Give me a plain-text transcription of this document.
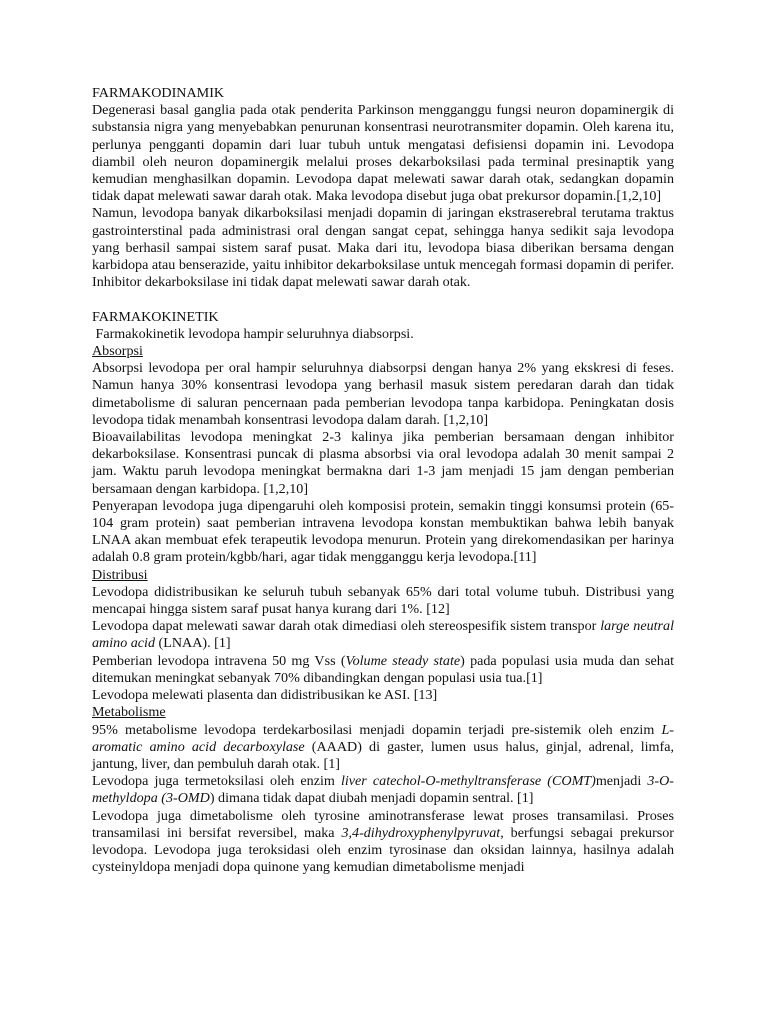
FARMAKODINAMIK

Degenerasi basal ganglia pada otak penderita Parkinson mengganggu fungsi neuron dopaminergik di substansia nigra yang menyebabkan penurunan konsentrasi neurotransmiter dopamin. Oleh karena itu, perlunya pengganti dopamin dari luar tubuh untuk mengatasi defisiensi dopamin ini. Levodopa diambil oleh neuron dopaminergik melalui proses dekarboksilasi pada terminal presinaptik yang kemudian menghasilkan dopamin. Levodopa dapat melewati sawar darah otak, sedangkan dopamin tidak dapat melewati sawar darah otak. Maka levodopa disebut juga obat prekursor dopamin.[1,2,10]

Namun, levodopa banyak dikarboksilasi menjadi dopamin di jaringan ekstraserebral terutama traktus gastrointerstinal pada administrasi oral dengan sangat cepat, sehingga hanya sedikit saja levodopa yang berhasil sampai sistem saraf pusat. Maka dari itu, levodopa biasa diberikan bersama dengan karbidopa atau benserazide, yaitu inhibitor dekarboksilase untuk mencegah formasi dopamin di perifer. Inhibitor dekarboksilase ini tidak dapat melewati sawar darah otak.

FARMAKOKINETIK

Farmakokinetik levodopa hampir seluruhnya diabsorpsi.

Absorpsi

Absorpsi levodopa per oral hampir seluruhnya diabsorpsi dengan hanya 2% yang ekskresi di feses. Namun hanya 30% konsentrasi levodopa yang berhasil masuk sistem peredaran darah dan tidak dimetabolisme di saluran pencernaan pada pemberian levodopa tanpa karbidopa. Peningkatan dosis levodopa tidak menambah konsentrasi levodopa dalam darah. [1,2,10]

Bioavailabilitas levodopa meningkat 2-3 kalinya jika pemberian bersamaan dengan inhibitor dekarboksilase. Konsentrasi puncak di plasma absorbsi via oral levodopa adalah 30 menit sampai 2 jam. Waktu paruh levodopa meningkat bermakna dari 1-3 jam menjadi 15 jam dengan pemberian bersamaan dengan karbidopa. [1,2,10]

Penyerapan levodopa juga dipengaruhi oleh komposisi protein, semakin tinggi konsumsi protein (65-104 gram protein) saat pemberian intravena levodopa konstan membuktikan bahwa lebih banyak LNAA akan membuat efek terapeutik levodopa menurun. Protein yang direkomendasikan per harinya adalah 0.8 gram protein/kgbb/hari, agar tidak mengganggu kerja levodopa.[11]

Distribusi

Levodopa didistribusikan ke seluruh tubuh sebanyak 65% dari total volume tubuh. Distribusi yang mencapai hingga sistem saraf pusat hanya kurang dari 1%. [12]

Levodopa dapat melewati sawar darah otak dimediasi oleh stereospesifik sistem transpor large neutral amino acid (LNAA). [1]

Pemberian levodopa intravena 50 mg Vss (Volume steady state) pada populasi usia muda dan sehat ditemukan meningkat sebanyak 70% dibandingkan dengan populasi usia tua.[1]

Levodopa melewati plasenta dan didistribusikan ke ASI. [13]

Metabolisme

95% metabolisme levodopa terdekarbosilasi menjadi dopamin terjadi pre-sistemik oleh enzim L-aromatic amino acid decarboxylase (AAAD) di gaster, lumen usus halus, ginjal, adrenal, limfa, jantung, liver, dan pembuluh darah otak. [1]

Levodopa juga termetoksilasi oleh enzim liver catechol-O-methyltransferase (COMT)menjadi 3-O-methyldopa (3-OMD) dimana tidak dapat diubah menjadi dopamin sentral. [1]

Levodopa juga dimetabolisme oleh tyrosine aminotransferase lewat proses transamilasi. Proses transamilasi ini bersifat reversibel, maka 3,4-dihydroxyphenylpyruvat, berfungsi sebagai prekursor levodopa. Levodopa juga teroksidasi oleh enzim tyrosinase dan oksidan lainnya, hasilnya adalah cysteinyldopa menjadi dopa quinone yang kemudian dimetabolisme menjadi
